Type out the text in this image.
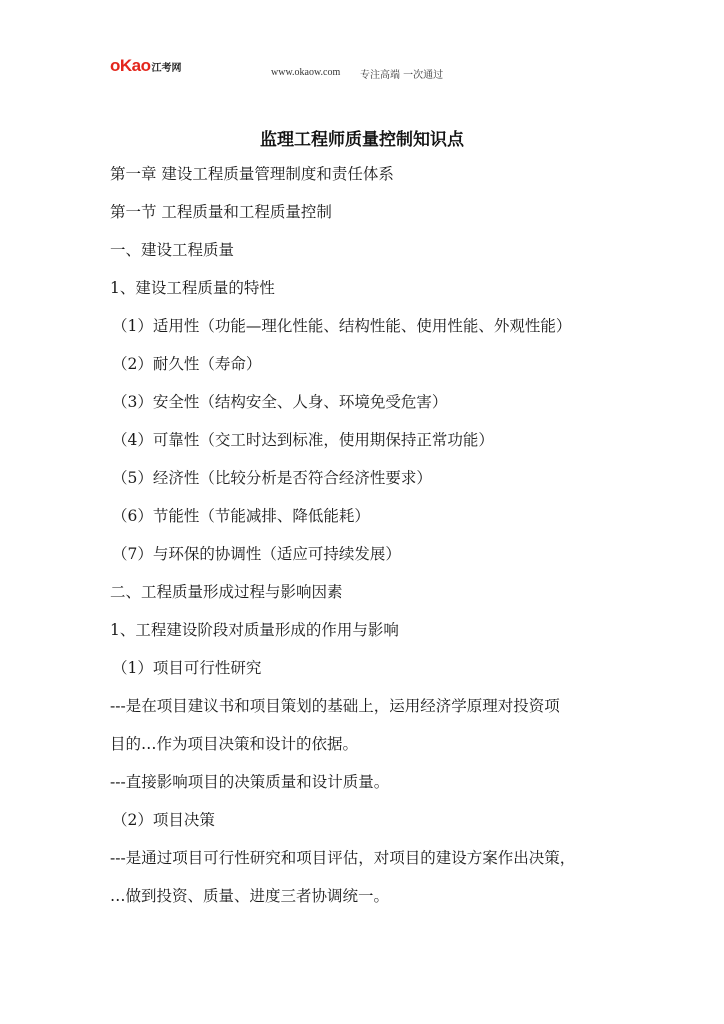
oKao 江考网	www.okaow.com 专注高端 一次通过
监理工程师质量控制知识点
第一章 建设工程质量管理制度和责任体系
第一节 工程质量和工程质量控制
一、建设工程质量
1、建设工程质量的特性
（1）适用性（功能—理化性能、结构性能、使用性能、外观性能）
（2）耐久性（寿命）
（3）安全性（结构安全、人身、环境免受危害）
（4）可靠性（交工时达到标准，使用期保持正常功能）
（5）经济性（比较分析是否符合经济性要求）
（6）节能性（节能减排、降低能耗）
（7）与环保的协调性（适应可持续发展）
二、工程质量形成过程与影响因素
1、工程建设阶段对质量形成的作用与影响
（1）项目可行性研究
---是在项目建议书和项目策划的基础上，运用经济学原理对投资项
目的…作为项目决策和设计的依据。
---直接影响项目的决策质量和设计质量。
（2）项目决策
---是通过项目可行性研究和项目评估，对项目的建设方案作出决策，
…做到投资、质量、进度三者协调统一。
